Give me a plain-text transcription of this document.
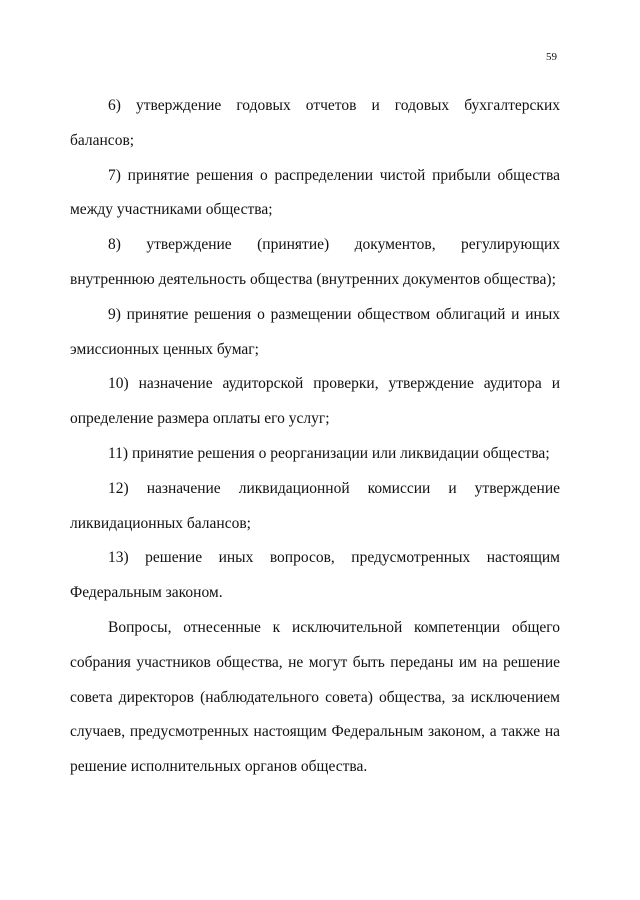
59

6) утверждение годовых отчетов и годовых бухгалтерских балансов;

7) принятие решения о распределении чистой прибыли общества между участниками общества;

8) утверждение (принятие) документов, регулирующих внутреннюю деятельность общества (внутренних документов общества);

9) принятие решения о размещении обществом облигаций и иных эмиссионных ценных бумаг;

10) назначение аудиторской проверки, утверждение аудитора и определение размера оплаты его услуг;

11) принятие решения о реорганизации или ликвидации общества;

12) назначение ликвидационной комиссии и утверждение ликвидационных балансов;

13) решение иных вопросов, предусмотренных настоящим Федеральным законом.

Вопросы, отнесенные к исключительной компетенции общего собрания участников общества, не могут быть переданы им на решение совета директоров (наблюдательного совета) общества, за исключением случаев, предусмотренных настоящим Федеральным законом, а также на решение исполнительных органов общества.
